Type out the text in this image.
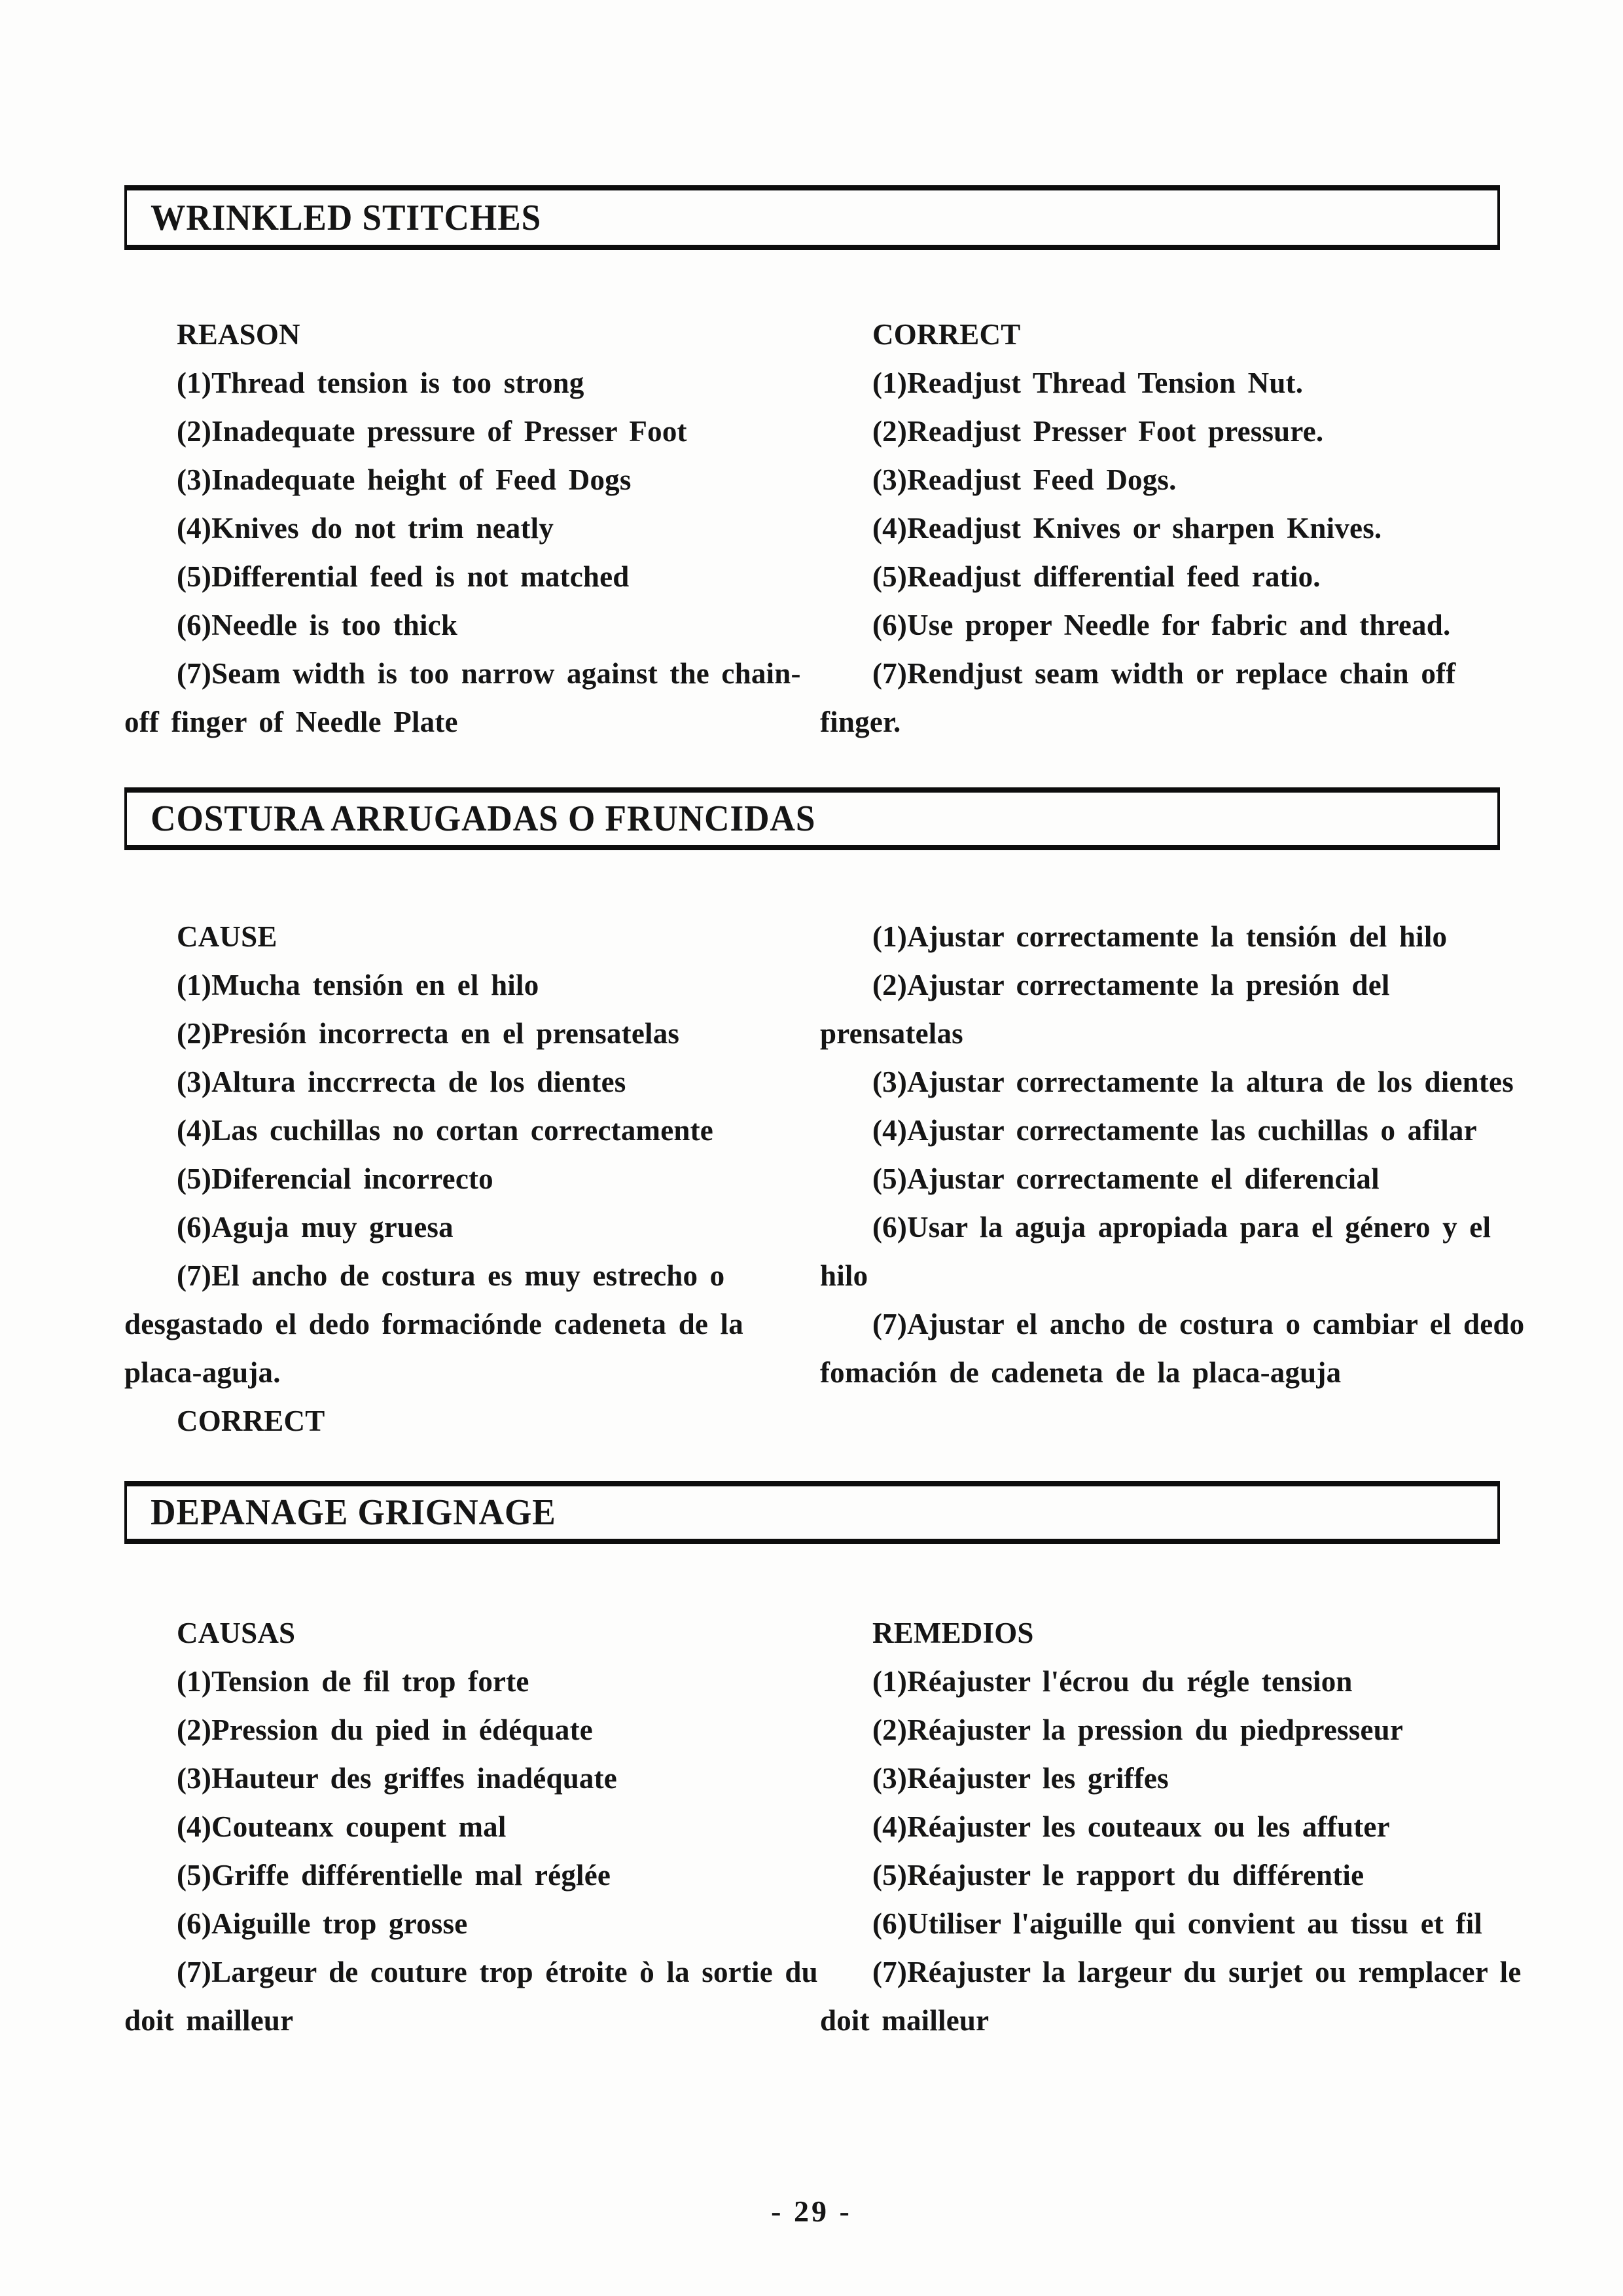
WRINKLED STITCHES
REASON
(1)Thread tension is too strong
(2)Inadequate pressure of Presser Foot
(3)Inadequate height of Feed Dogs
(4)Knives do not trim neatly
(5)Differential feed is not matched
(6)Needle is too thick
(7)Seam width is too narrow against the chain-
off finger of Needle Plate
CORRECT
(1)Readjust Thread Tension Nut.
(2)Readjust Presser Foot pressure.
(3)Readjust Feed Dogs.
(4)Readjust Knives or sharpen Knives.
(5)Readjust differential feed ratio.
(6)Use proper Needle for fabric and thread.
(7)Rendjust seam width or replace chain off
finger.
COSTURA ARRUGADAS O FRUNCIDAS
CAUSE
(1)Mucha tensión en el hilo
(2)Presión incorrecta en el prensatelas
(3)Altura inccrrecta de los dientes
(4)Las cuchillas no cortan correctamente
(5)Diferencial incorrecto
(6)Aguja muy gruesa
(7)El ancho de costura es muy estrecho o
desgastado el dedo formaciónde cadeneta de la
placa-aguja.
CORRECT
(1)Ajustar correctamente la tensión del hilo
(2)Ajustar correctamente la presión del
prensatelas
(3)Ajustar correctamente la altura de los dientes
(4)Ajustar correctamente las cuchillas o afilar
(5)Ajustar correctamente el diferencial
(6)Usar la aguja apropiada para el género y el
hilo
(7)Ajustar el ancho de costura o cambiar el dedo
fomación de cadeneta de la placa-aguja
DEPANAGE GRIGNAGE
CAUSAS
(1)Tension de fil trop forte
(2)Pression du pied in édéquate
(3)Hauteur des griffes inadéquate
(4)Couteanx coupent mal
(5)Griffe différentielle mal réglée
(6)Aiguille trop grosse
(7)Largeur de couture trop étroite ò la sortie du
doit mailleur
REMEDIOS
(1)Réajuster l'écrou du régle tension
(2)Réajuster la pression du piedpresseur
(3)Réajuster les griffes
(4)Réajuster les couteaux ou les affuter
(5)Réajuster le rapport du différentie
(6)Utiliser l'aiguille qui convient au tissu et fil
(7)Réajuster la largeur du surjet ou remplacer le
doit mailleur
- 29 -
